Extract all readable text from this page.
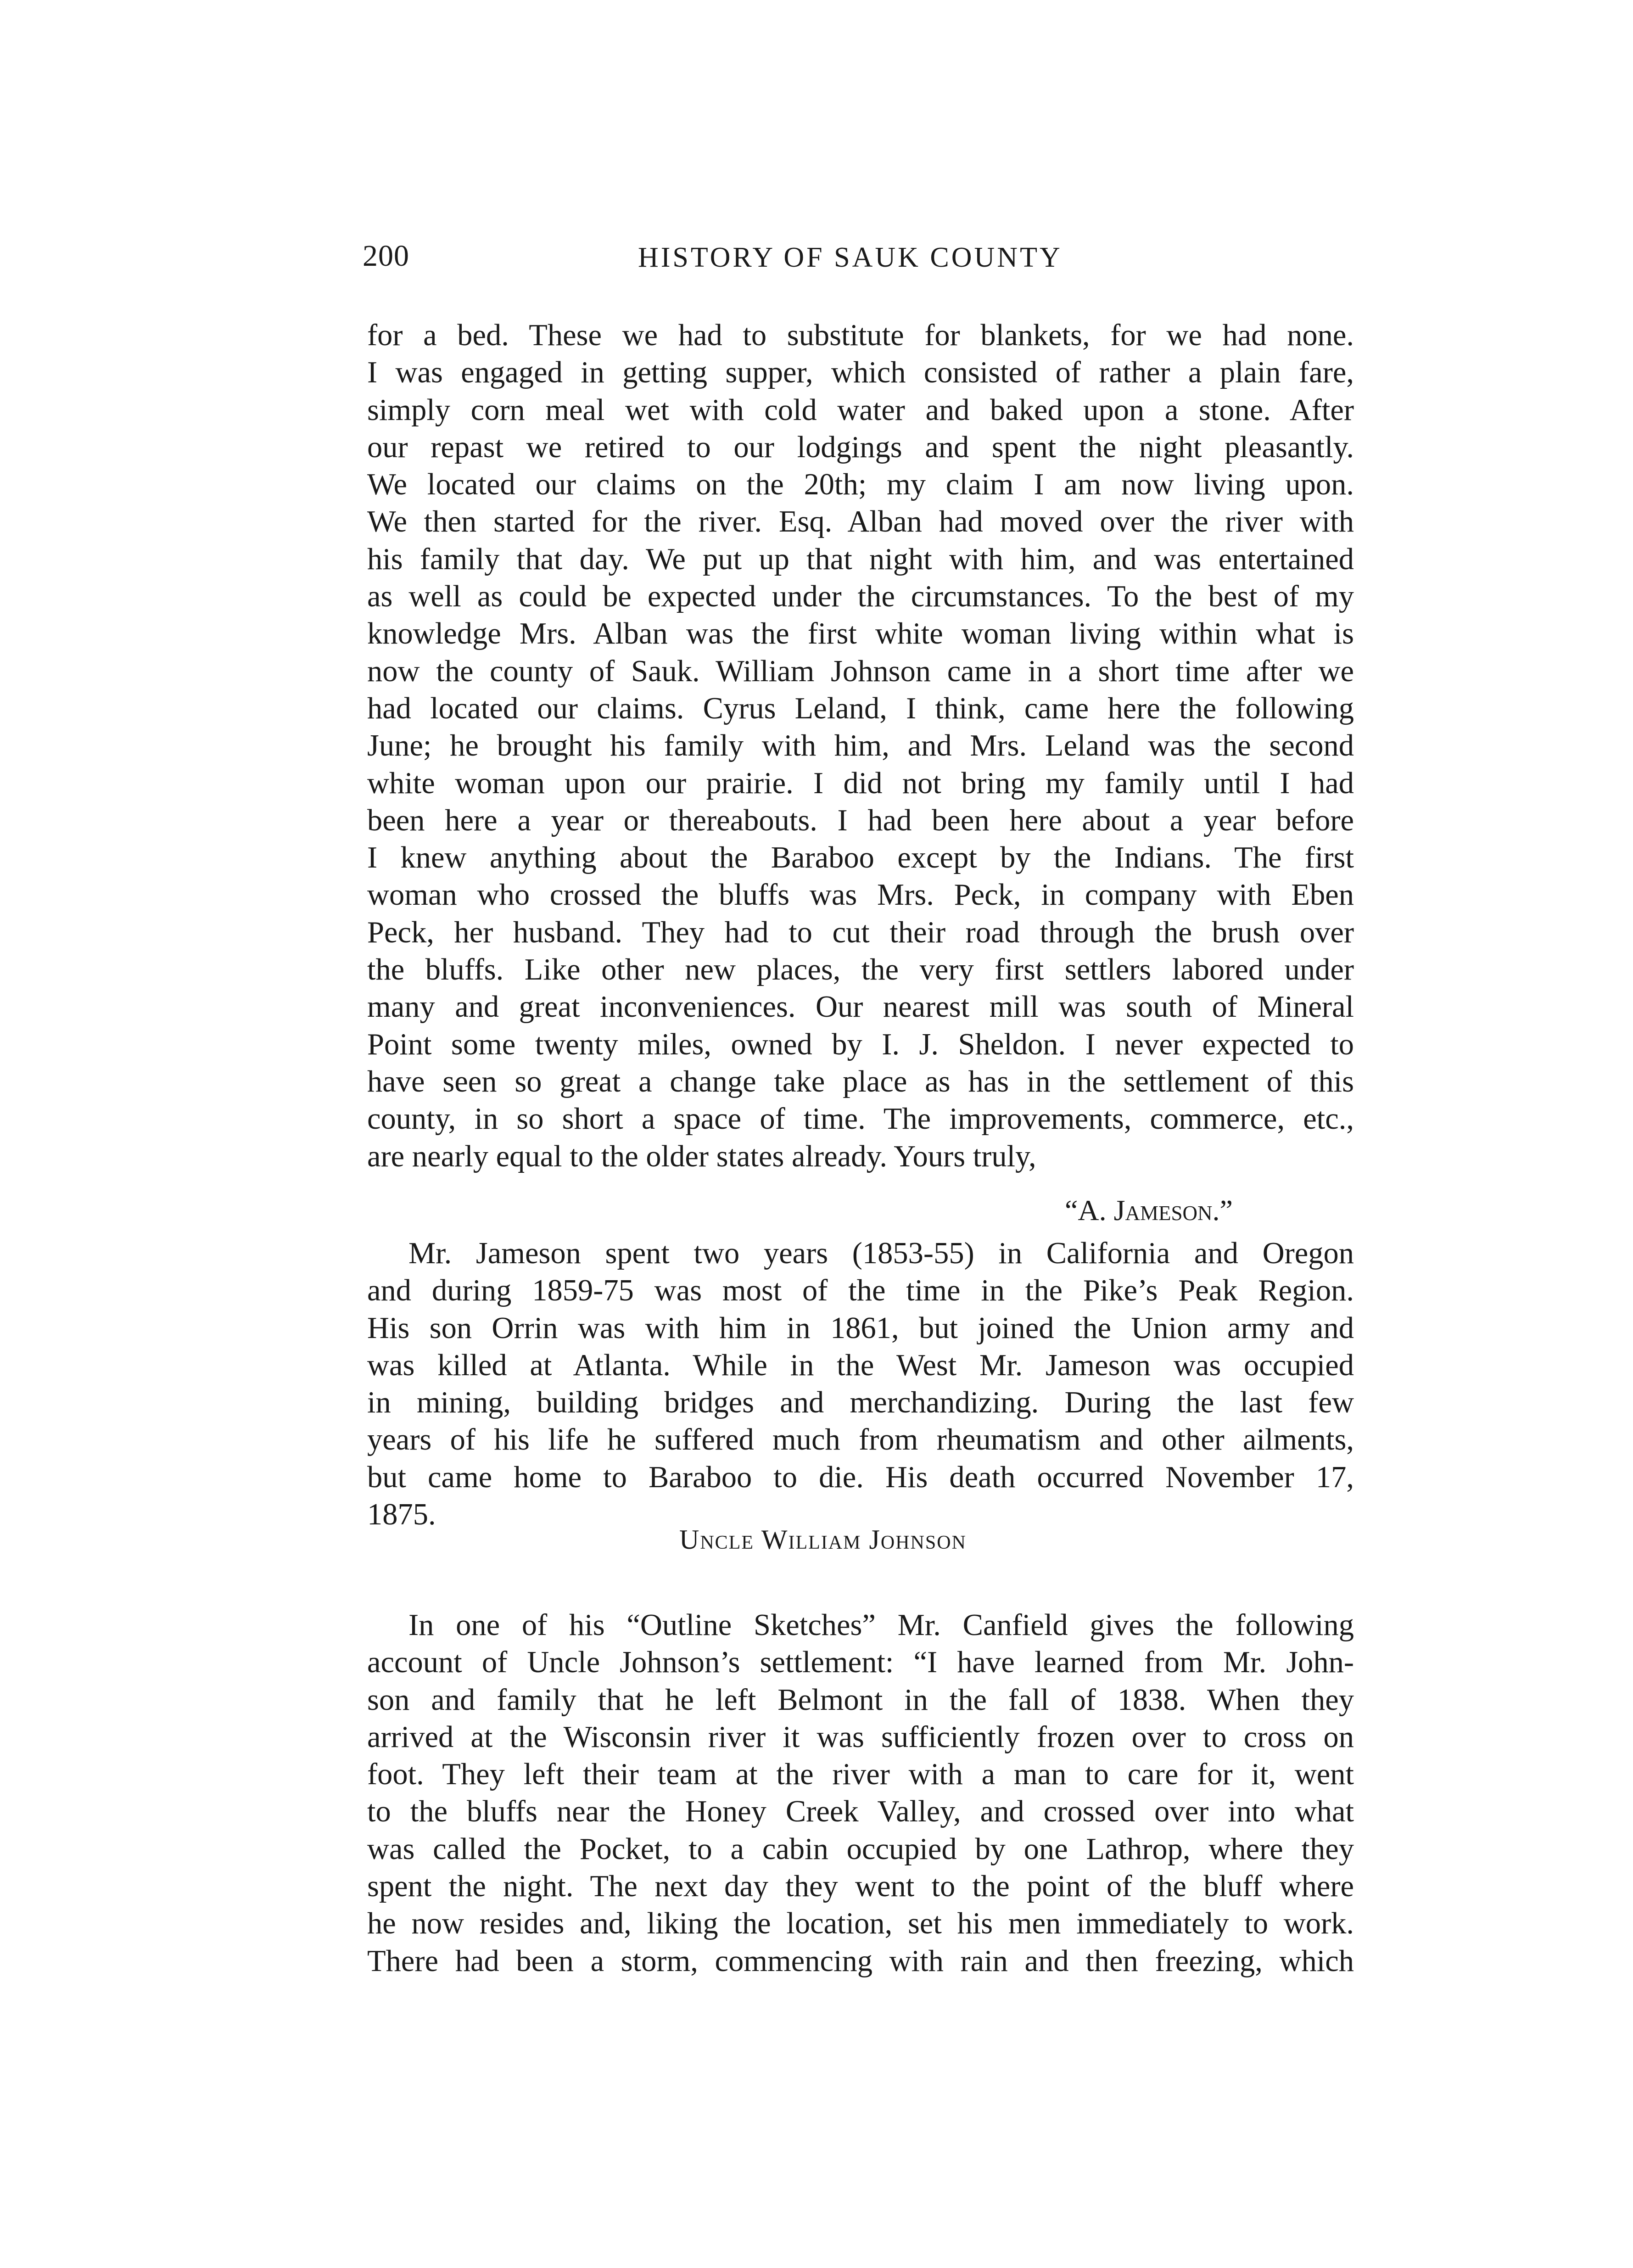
200	HISTORY OF SAUK COUNTY
for a bed. These we had to substitute for blankets, for we had none.
I was engaged in getting supper, which consisted of rather a plain fare,
simply corn meal wet with cold water and baked upon a stone. After
our repast we retired to our lodgings and spent the night pleasantly.
We located our claims on the 20th; my claim I am now living upon.
We then started for the river. Esq. Alban had moved over the river with
his family that day. We put up that night with him, and was entertained
as well as could be expected under the circumstances. To the best of my
knowledge Mrs. Alban was the first white woman living within what is
now the county of Sauk. William Johnson came in a short time after we
had located our claims. Cyrus Leland, I think, came here the following
June; he brought his family with him, and Mrs. Leland was the second
white woman upon our prairie. I did not bring my family until I had
been here a year or thereabouts. I had been here about a year before
I knew anything about the Baraboo except by the Indians. The first
woman who crossed the bluffs was Mrs. Peck, in company with Eben
Peck, her husband. They had to cut their road through the brush over
the bluffs. Like other new places, the very first settlers labored under
many and great inconveniences. Our nearest mill was south of Mineral
Point some twenty miles, owned by I. J. Sheldon. I never expected to
have seen so great a change take place as has in the settlement of this
county, in so short a space of time. The improvements, commerce, etc.,
are nearly equal to the older states already. Yours truly,
“A. Jameson.”
Mr. Jameson spent two years (1853-55) in California and Oregon
and during 1859-75 was most of the time in the Pike’s Peak Region.
His son Orrin was with him in 1861, but joined the Union army and
was killed at Atlanta. While in the West Mr. Jameson was occupied
in mining, building bridges and merchandizing. During the last few
years of his life he suffered much from rheumatism and other ailments,
but came home to Baraboo to die. His death occurred November 17,
1875.
Uncle William Johnson
In one of his “Outline Sketches” Mr. Canfield gives the following
account of Uncle Johnson’s settlement: “I have learned from Mr. John-
son and family that he left Belmont in the fall of 1838. When they
arrived at the Wisconsin river it was sufficiently frozen over to cross on
foot. They left their team at the river with a man to care for it, went
to the bluffs near the Honey Creek Valley, and crossed over into what
was called the Pocket, to a cabin occupied by one Lathrop, where they
spent the night. The next day they went to the point of the bluff where
he now resides and, liking the location, set his men immediately to work.
There had been a storm, commencing with rain and then freezing, which
